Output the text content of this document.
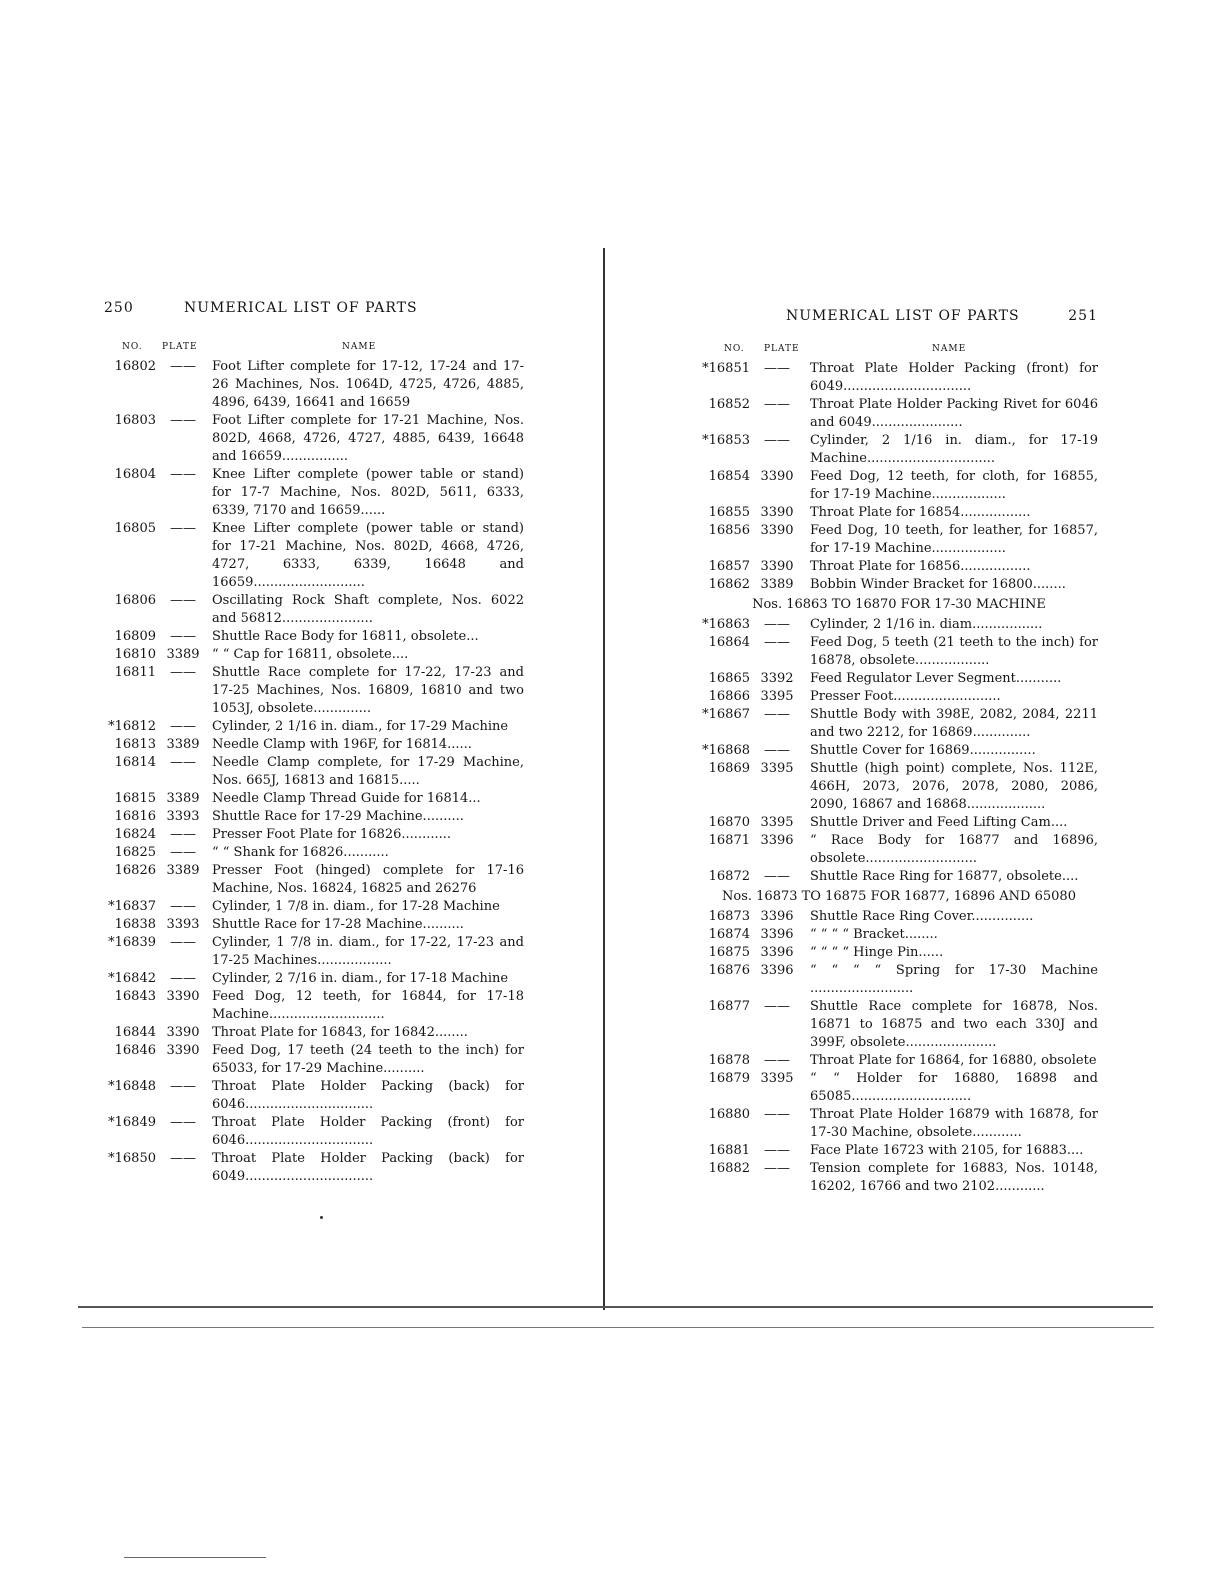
250	NUMERICAL LIST OF PARTS
NO. PLATE	NAME
16802	——	Foot Lifter complete for 17-12, 17-24 and 17-26 Machines, Nos. 1064D, 4725, 4726, 4885, 4896, 6439, 16641 and 16659
16803	——	Foot Lifter complete for 17-21 Machine, Nos. 802D, 4668, 4726, 4727, 4885, 6439, 16648 and 16659................
16804	——	Knee Lifter complete (power table or stand) for 17-7 Machine, Nos. 802D, 5611, 6333, 6339, 7170 and 16659......
16805	——	Knee Lifter complete (power table or stand) for 17-21 Machine, Nos. 802D, 4668, 4726, 4727, 6333, 6339, 16648 and 16659...........................
16806	——	Oscillating Rock Shaft complete, Nos. 6022 and 56812......................
16809	——	Shuttle Race Body for 16811, obsolete...
16810 3389 “ “ Cap for 16811, obsolete....
16811	——	Shuttle Race complete for 17-22, 17-23 and 17-25 Machines, Nos. 16809, 16810 and two 1053J, obsolete..............
*16812	——	Cylinder, 2 1/16 in. diam., for 17-29 Machine
16813 3389 Needle Clamp with 196F, for 16814......
16814	——	Needle Clamp complete, for 17-29 Machine, Nos. 665J, 16813 and 16815.....
16815 3389 Needle Clamp Thread Guide for 16814...
16816 3393 Shuttle Race for 17-29 Machine..........
16824	——	Presser Foot Plate for 16826............
16825	——	“ “ Shank for 16826...........
16826 3389 Presser Foot (hinged) complete for 17-16 Machine, Nos. 16824, 16825 and 26276
*16837	——	Cylinder, 1 7/8 in. diam., for 17-28 Machine
16838 3393 Shuttle Race for 17-28 Machine..........
*16839	——	Cylinder, 1 7/8 in. diam., for 17-22, 17-23 and 17-25 Machines..................
*16842	——	Cylinder, 2 7/16 in. diam., for 17-18 Machine
16843 3390 Feed Dog, 12 teeth, for 16844, for 17-18 Machine............................
16844 3390 Throat Plate for 16843, for 16842........
16846 3390 Feed Dog, 17 teeth (24 teeth to the inch) for 65033, for 17-29 Machine..........
*16848	——	Throat Plate Holder Packing (back) for 6046...............................
*16849	——	Throat Plate Holder Packing (front) for 6046...............................
*16850	——	Throat Plate Holder Packing (back) for 6049...............................
NUMERICAL LIST OF PARTS	251
NO. PLATE	NAME
*16851	——	Throat Plate Holder Packing (front) for 6049...............................
16852	——	Throat Plate Holder Packing Rivet for 6046 and 6049......................
*16853	——	Cylinder, 2 1/16 in. diam., for 17-19 Machine...............................
16854 3390	Feed Dog, 12 teeth, for cloth, for 16855, for 17-19 Machine..................
16855 3390	Throat Plate for 16854.................
16856 3390	Feed Dog, 10 teeth, for leather, for 16857, for 17-19 Machine..................
16857 3390	Throat Plate for 16856.................
16862 3389	Bobbin Winder Bracket for 16800........
Nos. 16863 TO 16870 FOR 17-30 MACHINE
*16863	——	Cylinder, 2 1/16 in. diam.................
16864	——	Feed Dog, 5 teeth (21 teeth to the inch) for 16878, obsolete..................
16865 3392	Feed Regulator Lever Segment...........
16866 3395	Presser Foot..........................
*16867	——	Shuttle Body with 398E, 2082, 2084, 2211 and two 2212, for 16869..............
*16868	——	Shuttle Cover for 16869................
16869 3395	Shuttle (high point) complete, Nos. 112E, 466H, 2073, 2076, 2078, 2080, 2086, 2090, 16867 and 16868...................
16870 3395	Shuttle Driver and Feed Lifting Cam....
16871 3396	“ Race Body for 16877 and 16896, obsolete...........................
16872	——	Shuttle Race Ring for 16877, obsolete....
Nos. 16873 TO 16875 FOR 16877, 16896 AND 65080
16873 3396	Shuttle Race Ring Cover...............
16874 3396	“ “ “ “ Bracket........
16875 3396	“ “ “ “ Hinge Pin......
16876 3396	“ “ “ “ Spring for 17-30 Machine .........................
16877	——	Shuttle Race complete for 16878, Nos. 16871 to 16875 and two each 330J and 399F, obsolete......................
16878	——	Throat Plate for 16864, for 16880, obsolete
16879 3395	“ “ Holder for 16880, 16898 and 65085.............................
16880	——	Throat Plate Holder 16879 with 16878, for 17-30 Machine, obsolete............
16881	——	Face Plate 16723 with 2105, for 16883....
16882	——	Tension complete for 16883, Nos. 10148, 16202, 16766 and two 2102............
